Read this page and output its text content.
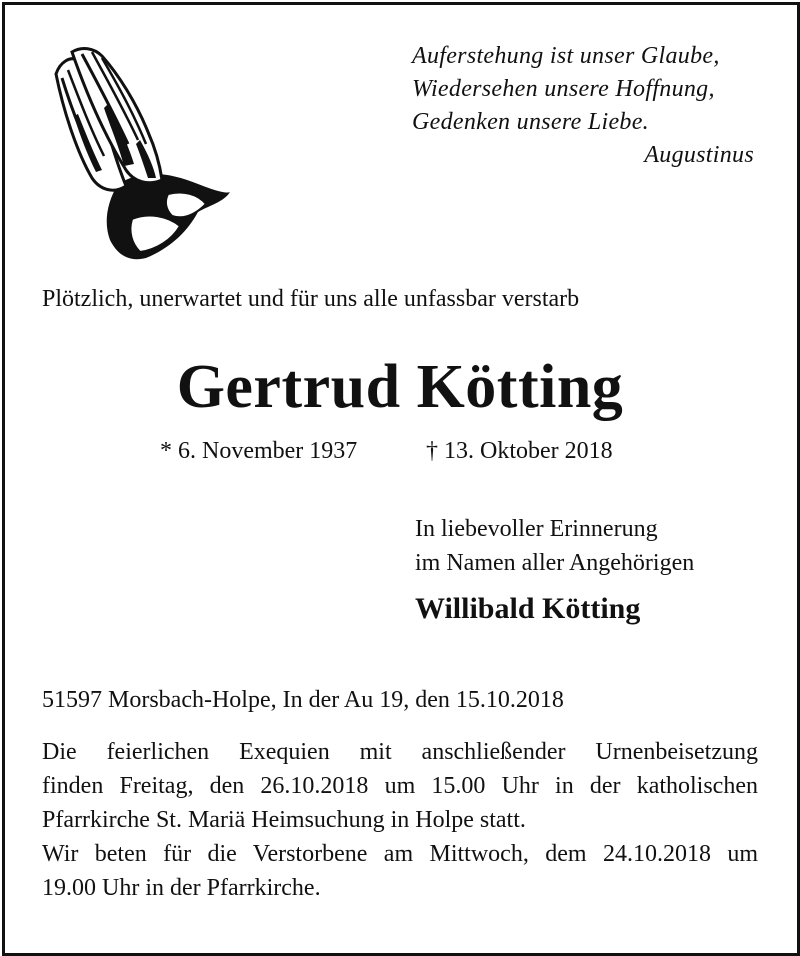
Auferstehung ist unser Glaube,
Wiedersehen unsere Hoffnung,
Gedenken unsere Liebe.
Augustinus
Plötzlich, unerwartet und für uns alle unfassbar verstarb
Gertrud Kötting
* 6. November 1937	† 13. Oktober 2018
In liebevoller Erinnerung
im Namen aller Angehörigen
Willibald Kötting
51597 Morsbach-Holpe, In der Au 19, den 15.10.2018

Die feierlichen Exequien mit anschließender Urnenbeisetzung

finden Freitag, den 26.10.2018 um 15.00 Uhr in der katholischen

Pfarrkirche St. Mariä Heimsuchung in Holpe statt.

Wir beten für die Verstorbene am Mittwoch, dem 24.10.2018 um

19.00 Uhr in der Pfarrkirche.
